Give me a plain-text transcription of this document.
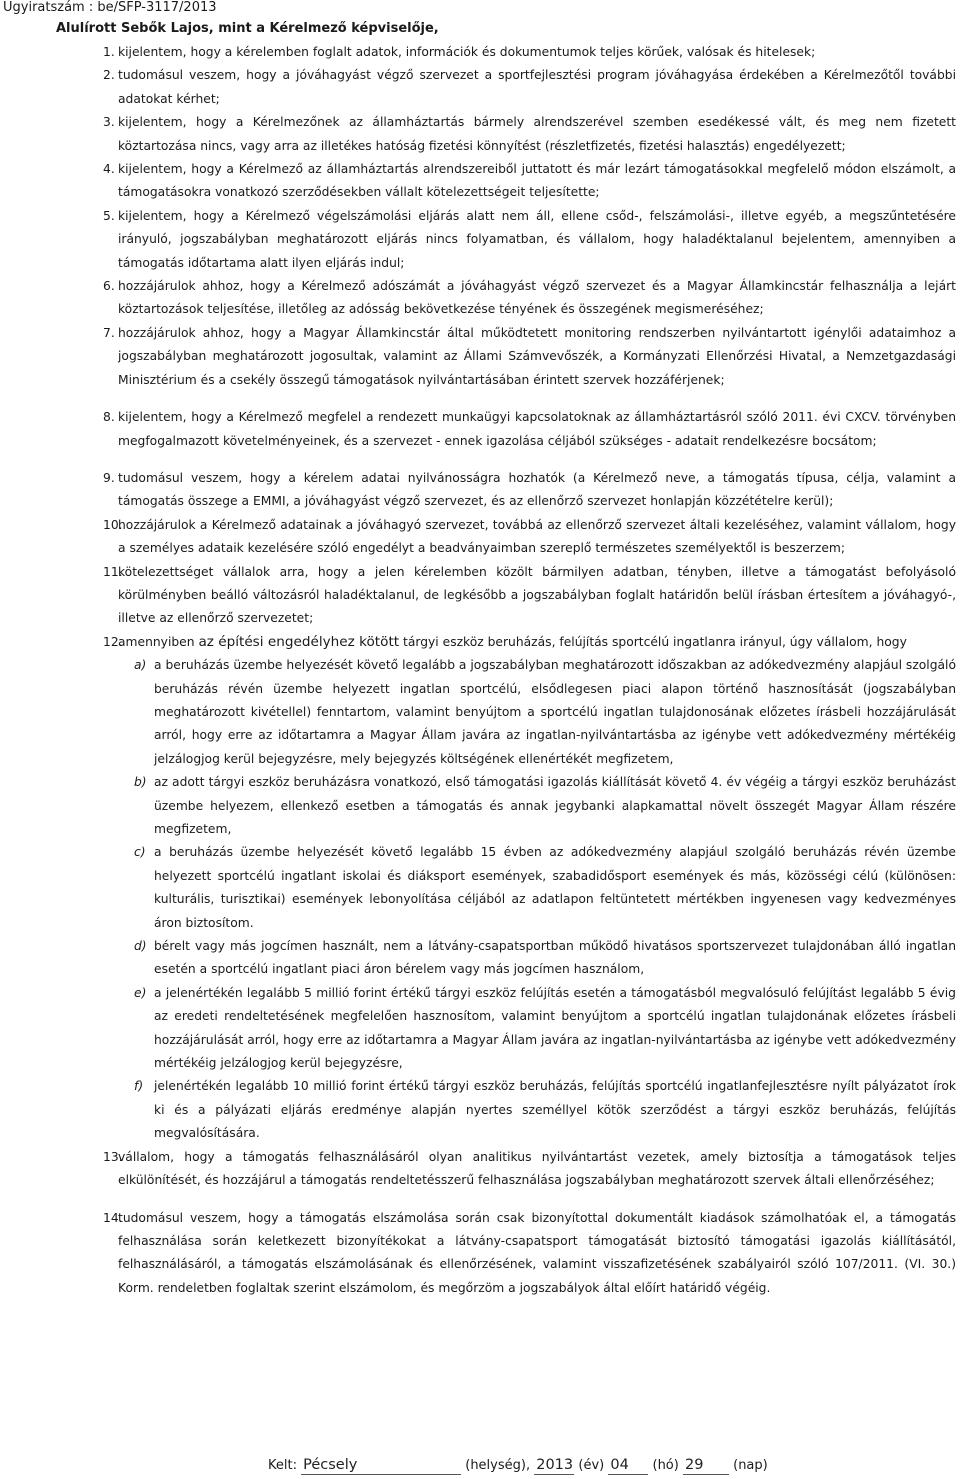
Ügyiratszám : be/SFP-3117/2013
Alulírott Sebők Lajos, mint a Kérelmező képviselője,
1. kijelentem, hogy a kérelemben foglalt adatok, információk és dokumentumok teljes körűek, valósak és hitelesek;
2. tudomásul veszem, hogy a jóváhagyást végző szervezet a sportfejlesztési program jóváhagyása érdekében a Kérelmezőtől további adatokat kérhet;
3. kijelentem, hogy a Kérelmezőnek az államháztartás bármely alrendszerével szemben esedékessé vált, és meg nem fizetett köztartozása nincs, vagy arra az illetékes hatóság fizetési könnyítést (részletfizetés, fizetési halasztás) engedélyezett;
4. kijelentem, hogy a Kérelmező az államháztartás alrendszereiből juttatott és már lezárt támogatásokkal megfelelő módon elszámolt, a támogatásokra vonatkozó szerződésekben vállalt kötelezettségeit teljesítette;
5. kijelentem, hogy a Kérelmező végelszámolási eljárás alatt nem áll, ellene csőd-, felszámolási-, illetve egyéb, a megszűntetésére irányuló, jogszabályban meghatározott eljárás nincs folyamatban, és vállalom, hogy haladéktalanul bejelentem, amennyiben a támogatás időtartama alatt ilyen eljárás indul;
6. hozzájárulok ahhoz, hogy a Kérelmező adószámát a jóváhagyást végző szervezet és a Magyar Államkincstár felhasználja a lejárt köztartozások teljesítése, illetőleg az adósság bekövetkezése tényének és összegének megismeréséhez;
7. hozzájárulok ahhoz, hogy a Magyar Államkincstár által működtetett monitoring rendszerben nyilvántartott igénylői adataimhoz a jogszabályban meghatározott jogosultak, valamint az Állami Számvevőszék, a Kormányzati Ellenőrzési Hivatal, a Nemzetgazdasági Minisztérium és a csekély összegű támogatások nyilvántartásában érintett szervek hozzáférjenek;
8. kijelentem, hogy a Kérelmező megfelel a rendezett munkaügyi kapcsolatoknak az államháztartásról szóló 2011. évi CXCV. törvényben megfogalmazott követelményeinek, és a szervezet - ennek igazolása céljából szükséges - adatait rendelkezésre bocsátom;
9. tudomásul veszem, hogy a kérelem adatai nyilvánosságra hozhatók (a Kérelmező neve, a támogatás típusa, célja, valamint a támogatás összege a EMMI, a jóváhagyást végző szervezet, és az ellenőrző szervezet honlapján közzétételre kerül);
10.
hozzájárulok a Kérelmező adatainak a jóváhagyó szervezet, továbbá az ellenőrző szervezet általi kezeléséhez, valamint vállalom, hogy a személyes adataik kezelésére szóló engedélyt a beadványaimban szereplő természetes személyektől is beszerzem;
11.
kötelezettséget vállalok arra, hogy a jelen kérelemben közölt bármilyen adatban, tényben, illetve a támogatást befolyásoló körülményben beálló változásról haladéktalanul, de legkésőbb a jogszabályban foglalt határidőn belül írásban értesítem a jóváhagyó-, illetve az ellenőrző szervezetet;
12.
amennyiben az építési engedélyhez kötött tárgyi eszköz beruházás, felújítás sportcélú ingatlanra irányul, úgy vállalom, hogy
a) a beruházás üzembe helyezését követő legalább a jogszabályban meghatározott időszakban az adókedvezmény alapjául szolgáló beruházás révén üzembe helyezett ingatlan sportcélú, elsődlegesen piaci alapon történő hasznosítását (jogszabályban meghatározott kivétellel) fenntartom, valamint benyújtom a sportcélú ingatlan tulajdonosának előzetes írásbeli hozzájárulását arról, hogy erre az időtartamra a Magyar Állam javára az ingatlan-nyilvántartásba az igénybe vett adókedvezmény mértékéig jelzálogjog kerül bejegyzésre, mely bejegyzés költségének ellenértékét megfizetem,
b) az adott tárgyi eszköz beruházásra vonatkozó, első támogatási igazolás kiállítását követő 4. év végéig a tárgyi eszköz beruházást üzembe helyezem, ellenkező esetben a támogatás és annak jegybanki alapkamattal növelt összegét Magyar Állam részére megfizetem,
c) a beruházás üzembe helyezését követő legalább 15 évben az adókedvezmény alapjául szolgáló beruházás révén üzembe helyezett sportcélú ingatlant iskolai és diáksport események, szabadidősport események és más, közösségi célú (különösen: kulturális, turisztikai) események lebonyolítása céljából az adatlapon feltüntetett mértékben ingyenesen vagy kedvezményes áron biztosítom.
d) bérelt vagy más jogcímen használt, nem a látvány-csapatsportban működő hivatásos sportszervezet tulajdonában álló ingatlan esetén a sportcélú ingatlant piaci áron bérelem vagy más jogcímen használom,
e) a jelenértékén legalább 5 millió forint értékű tárgyi eszköz felújítás esetén a támogatásból megvalósuló felújítást legalább 5 évig az eredeti rendeltetésének megfelelően hasznosítom, valamint benyújtom a sportcélú ingatlan tulajdonának előzetes írásbeli hozzájárulását arról, hogy erre az időtartamra a Magyar Állam javára az ingatlan-nyilvántartásba az igénybe vett adókedvezmény mértékéig jelzálogjog kerül bejegyzésre,
f) jelenértékén legalább 10 millió forint értékű tárgyi eszköz beruházás, felújítás sportcélú ingatlanfejlesztésre nyílt pályázatot írok ki és a pályázati eljárás eredménye alapján nyertes személlyel kötök szerződést a tárgyi eszköz beruházás, felújítás megvalósítására.
13.
vállalom, hogy a támogatás felhasználásáról olyan analitikus nyilvántartást vezetek, amely biztosítja a támogatások teljes elkülönítését, és hozzájárul a támogatás rendeltetésszerű felhasználása jogszabályban meghatározott szervek általi ellenőrzéséhez;
14.
tudomásul veszem, hogy a támogatás elszámolása során csak bizonyítottal dokumentált kiadások számolhatóak el, a támogatás felhasználása során keletkezett bizonyítékokat a látvány-csapatsport támogatását biztosító támogatási igazolás kiállításától, felhasználásáról, a támogatás elszámolásának és ellenőrzésének, valamint visszafizetésének szabályairól szóló 107/2011. (VI. 30.) Korm. rendeletben foglaltak szerint elszámolom, és megőrzöm a jogszabályok által előírt határidő végéig.
Kelt: Pécsely	(helység), 2013 (év) 04 (hó) 29 (nap)
